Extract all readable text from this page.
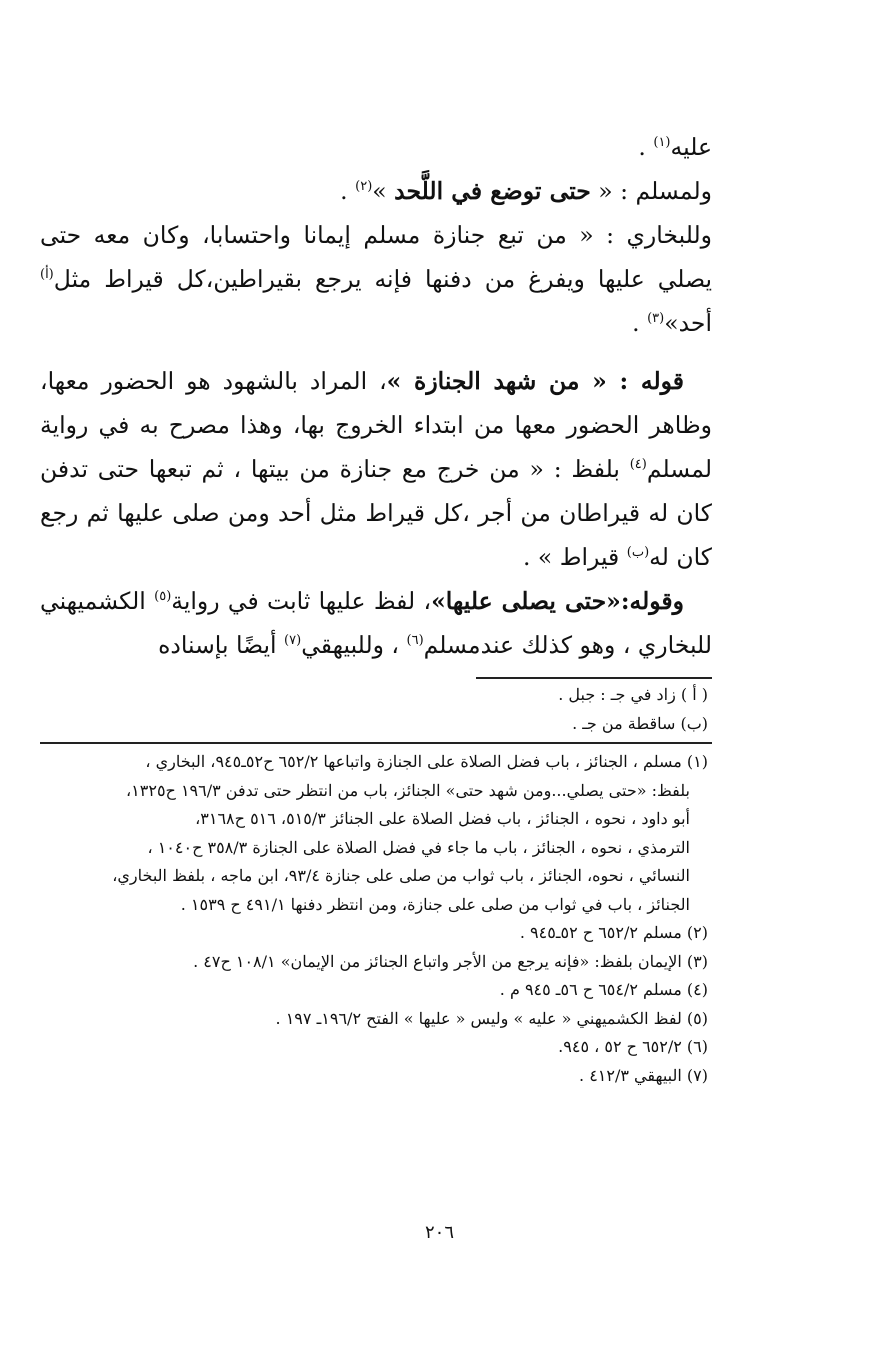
عليه$^{(١)}$ .

ولمسلم : « حتى توضع في اللَّحد »$^{(٢)}$ .

وللبخاري : « من تبع جنازة مسلم إيمانا واحتسابا، وكان معه حتى يصلي عليها ويفرغ من دفنها فإنه يرجع بقيراطين،كل قيراط مثل$^{(أ)}$ أحد»$^{(٣)}$ .

قوله : « من شهد الجنازة »، المراد بالشهود هو الحضور معها، وظاهر الحضور معها من ابتداء الخروج بها، وهذا مصرح به في رواية لمسلم$^{(٤)}$ بلفظ : « من خرج مع جنازة من بيتها ، ثم تبعها حتى تدفن كان له قيراطان من أجر ،كل قيراط مثل أحد ومن صلى عليها ثم رجع كان له$^{(ب)}$ قيراط » .

وقوله:«حتى يصلى عليها»، لفظ عليها ثابت في رواية$^{(٥)}$ الكشميهني للبخاري ، وهو كذلك عندمسلم$^{(٦)}$ ، وللبيهقي$^{(٧)}$ أيضًا بإسناده

( أ ) زاد في جـ : جبل .
(ب) ساقطة من جـ .
(١) مسلم ، الجنائز ، باب فضل الصلاة على الجنازة واتباعها ٦٥٢/٢ ح٥٢ـ٩٤٥، البخاري ،
بلفظ: «حتى يصلي...ومن شهد حتى» الجنائز، باب من انتظر حتى تدفن ١٩٦/٣ ح١٣٢٥،
أبو داود ، نحوه ، الجنائز ، باب فضل الصلاة على الجنائز ٥١٥/٣، ٥١٦ ح٣١٦٨،
الترمذي ، نحوه ، الجنائز ، باب ما جاء في فضل الصلاة على الجنازة ٣٥٨/٣ ح١٠٤٠ ،
النسائي ، نحوه، الجنائز ، باب ثواب من صلى على جنازة ٩٣/٤، ابن ماجه ، بلفظ البخاري،
الجنائز ، باب في ثواب من صلى على جنازة، ومن انتظر دفنها ٤٩١/١ ح ١٥٣٩ .
(٢) مسلم ٦٥٢/٢ ح ٥٢ـ٩٤٥ .
(٣) الإيمان بلفظ: «فإنه يرجع من الأجر واتباع الجنائز من الإيمان» ١٠٨/١ ح٤٧ .
(٤) مسلم ٦٥٤/٢ ح ٥٦ـ ٩٤٥ م .
(٥) لفظ الكشميهني « عليه » وليس « عليها » الفتح ١٩٦/٢ـ ١٩٧ .
(٦) ٦٥٢/٢ ح ٥٢ ، ٩٤٥.
(٧) البيهقي ٤١٢/٣ .
٢٠٦
